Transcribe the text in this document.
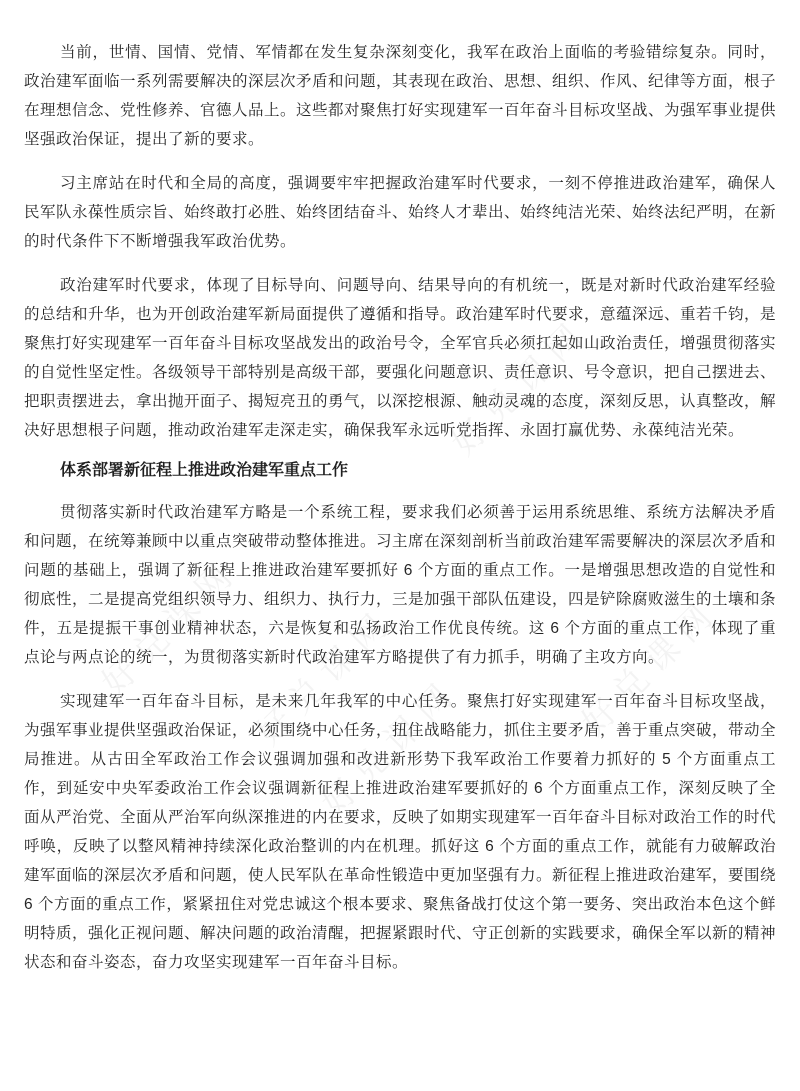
当前，世情、国情、党情、军情都在发生复杂深刻变化，我军在政治上面临的考验错综复杂。同时，政治建军面临一系列需要解决的深层次矛盾和问题，其表现在政治、思想、组织、作风、纪律等方面，根子在理想信念、党性修养、官德人品上。这些都对聚焦打好实现建军一百年奋斗目标攻坚战、为强军事业提供坚强政治保证，提出了新的要求。

习主席站在时代和全局的高度，强调要牢牢把握政治建军时代要求，一刻不停推进政治建军，确保人民军队永葆性质宗旨、始终敢打必胜、始终团结奋斗、始终人才辈出、始终纯洁光荣、始终法纪严明，在新的时代条件下不断增强我军政治优势。

政治建军时代要求，体现了目标导向、问题导向、结果导向的有机统一，既是对新时代政治建军经验的总结和升华，也为开创政治建军新局面提供了遵循和指导。政治建军时代要求，意蕴深远、重若千钧，是聚焦打好实现建军一百年奋斗目标攻坚战发出的政治号令，全军官兵必须扛起如山政治责任，增强贯彻落实的自觉性坚定性。各级领导干部特别是高级干部，要强化问题意识、责任意识、号令意识，把自己摆进去、把职责摆进去，拿出抛开面子、揭短亮丑的勇气，以深挖根源、触动灵魂的态度，深刻反思，认真整改，解决好思想根子问题，推动政治建军走深走实，确保我军永远听党指挥、永固打赢优势、永葆纯洁光荣。

体系部署新征程上推进政治建军重点工作

贯彻落实新时代政治建军方略是一个系统工程，要求我们必须善于运用系统思维、系统方法解决矛盾和问题，在统筹兼顾中以重点突破带动整体推进。习主席在深刻剖析当前政治建军需要解决的深层次矛盾和问题的基础上，强调了新征程上推进政治建军要抓好 6 个方面的重点工作。一是增强思想改造的自觉性和彻底性，二是提高党组织领导力、组织力、执行力，三是加强干部队伍建设，四是铲除腐败滋生的土壤和条件，五是提振干事创业精神状态，六是恢复和弘扬政治工作优良传统。这 6 个方面的重点工作，体现了重点论与两点论的统一，为贯彻落实新时代政治建军方略提供了有力抓手，明确了主攻方向。

实现建军一百年奋斗目标，是未来几年我军的中心任务。聚焦打好实现建军一百年奋斗目标攻坚战，为强军事业提供坚强政治保证，必须围绕中心任务，扭住战略能力，抓住主要矛盾，善于重点突破，带动全局推进。从古田全军政治工作会议强调加强和改进新形势下我军政治工作要着力抓好的 5 个方面重点工作，到延安中央军委政治工作会议强调新征程上推进政治建军要抓好的 6 个方面重点工作，深刻反映了全面从严治党、全面从严治军向纵深推进的内在要求，反映了如期实现建军一百年奋斗目标对政治工作的时代呼唤，反映了以整风精神持续深化政治整训的内在机理。抓好这 6 个方面的重点工作，就能有力破解政治建军面临的深层次矛盾和问题，使人民军队在革命性锻造中更加坚强有力。新征程上推进政治建军，要围绕 6 个方面的重点工作，紧紧扭住对党忠诚这个根本要求、聚焦备战打仗这个第一要务、突出政治本色这个鲜明特质，强化正视问题、解决问题的政治清醒，把握紧跟时代、守正创新的实践要求，确保全军以新的精神状态和奋斗姿态，奋力攻坚实现建军一百年奋斗目标。
